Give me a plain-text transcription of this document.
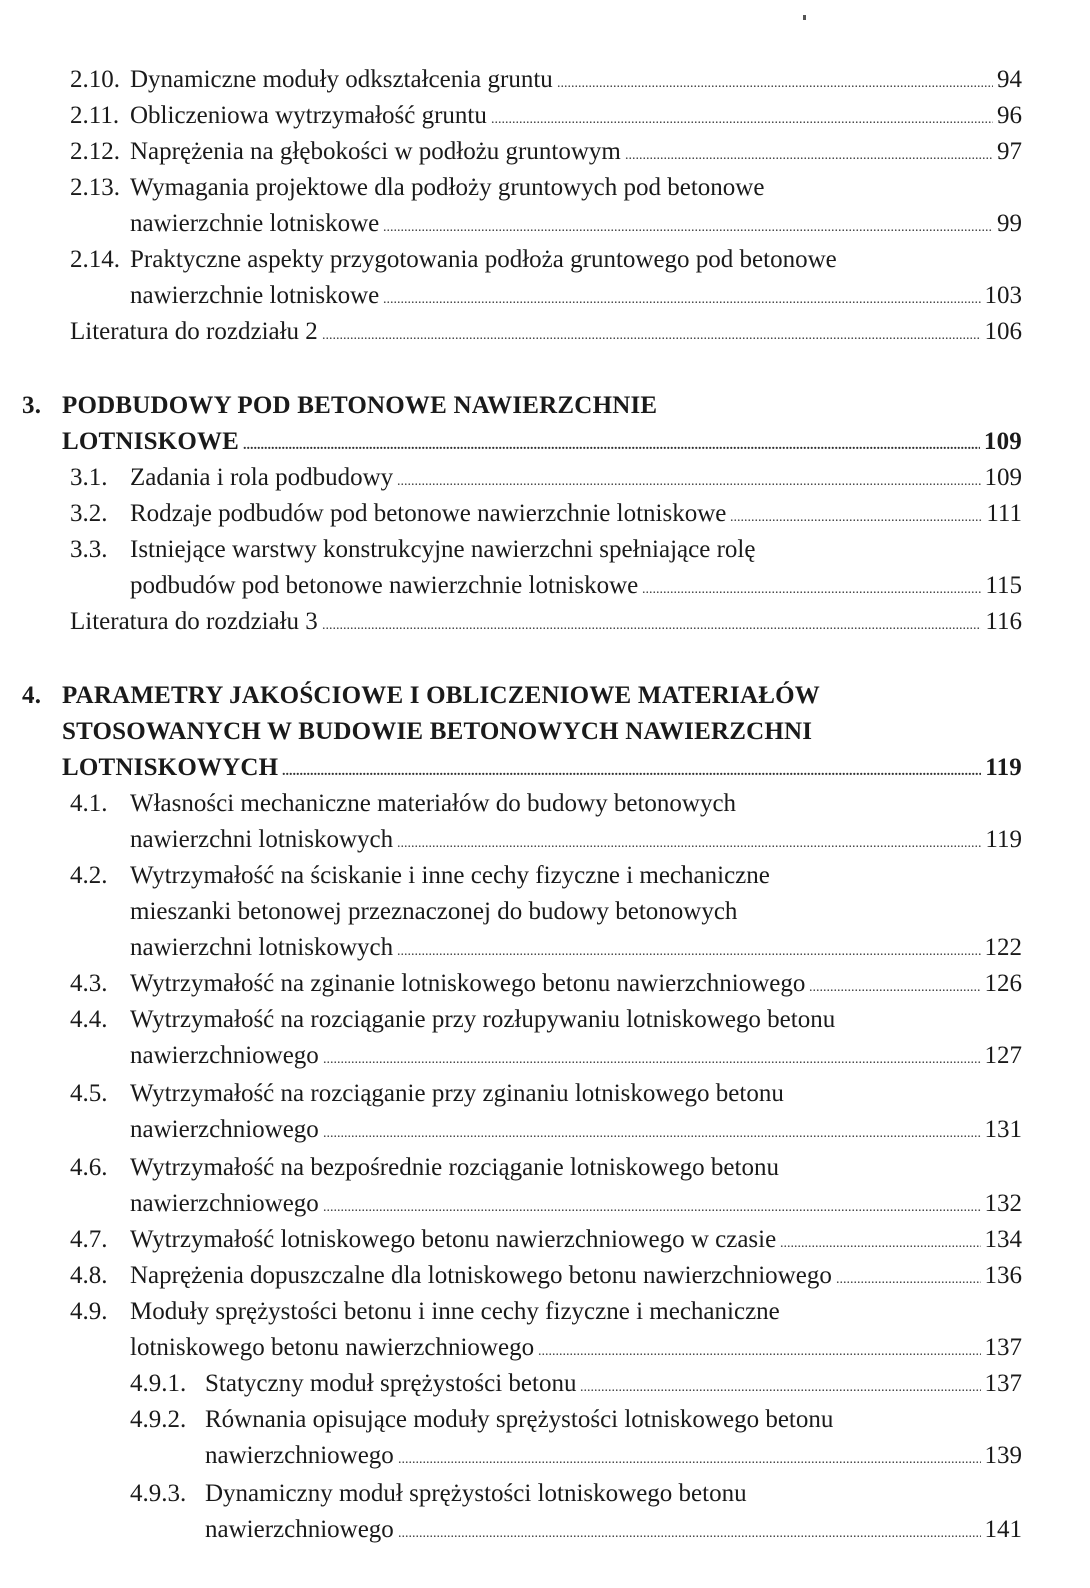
2.10. Dynamiczne moduły odkształcenia gruntu	94
.....
2.11. Obliczeniowa wytrzymałość gruntu	96
.....
2.12. Naprężenia na głębokości w podłożu gruntowym	97
.....
2.13. Wymagania projektowe dla podłoży gruntowych pod betonowe
nawierzchnie lotniskowe	99
.....
2.14. Praktyczne aspekty przygotowania podłoża gruntowego pod betonowe
nawierzchnie lotniskowe	103
.....
Literatura do rozdziału 2	106
.....
3. PODBUDOWY POD BETONOWE NAWIERZCHNIE
LOTNISKOWE	109
.....
3.1. Zadania i rola podbudowy	109
.....
3.2. Rodzaje podbudów pod betonowe nawierzchnie lotniskowe	111
.....
3.3. Istniejące warstwy konstrukcyjne nawierzchni spełniające rolę
podbudów pod betonowe nawierzchnie lotniskowe	115
.....
Literatura do rozdziału 3	116
.....
4. PARAMETRY JAKOŚCIOWE I OBLICZENIOWE MATERIAŁÓW
STOSOWANYCH W BUDOWIE BETONOWYCH NAWIERZCHNI
LOTNISKOWYCH	119
.....
4.1. Własności mechaniczne materiałów do budowy betonowych
nawierzchni lotniskowych	119
.....
4.2. Wytrzymałość na ściskanie i inne cechy fizyczne i mechaniczne
mieszanki betonowej przeznaczonej do budowy betonowych
nawierzchni lotniskowych	122
.....
4.3. Wytrzymałość na zginanie lotniskowego betonu nawierzchniowego	126
.....
4.4. Wytrzymałość na rozciąganie przy rozłupywaniu lotniskowego betonu
nawierzchniowego	127
.....
4.5. Wytrzymałość na rozciąganie przy zginaniu lotniskowego betonu
nawierzchniowego	131
.....
4.6. Wytrzymałość na bezpośrednie rozciąganie lotniskowego betonu
nawierzchniowego	132
.....
4.7. Wytrzymałość lotniskowego betonu nawierzchniowego w czasie	134
.....
4.8. Naprężenia dopuszczalne dla lotniskowego betonu nawierzchniowego	136
.....
4.9. Moduły sprężystości betonu i inne cechy fizyczne i mechaniczne
lotniskowego betonu nawierzchniowego	137
.....
4.9.1. Statyczny moduł sprężystości betonu	137
.....
4.9.2. Równania opisujące moduły sprężystości lotniskowego betonu
nawierzchniowego	139
.....
4.9.3. Dynamiczny moduł sprężystości lotniskowego betonu
nawierzchniowego	141
.....
